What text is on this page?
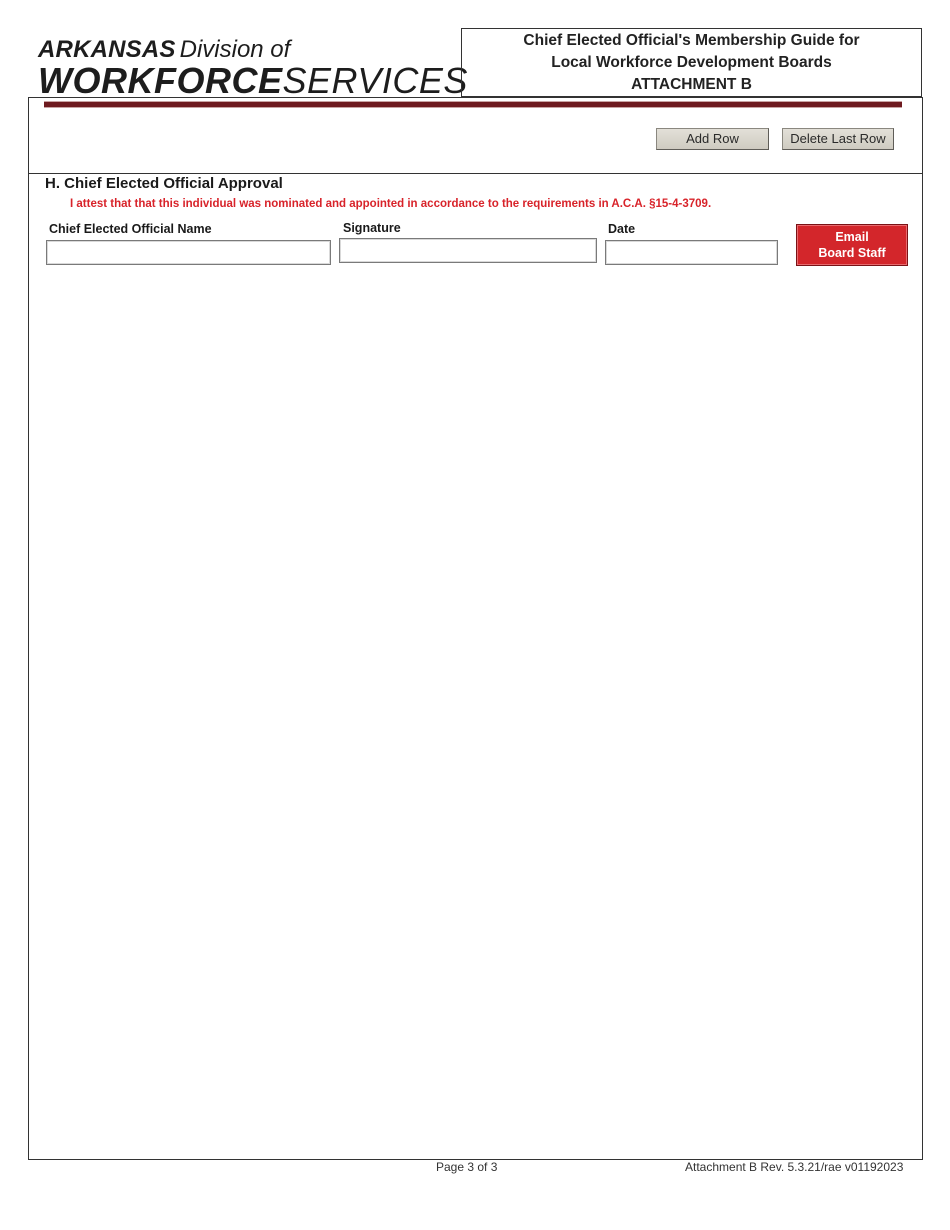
ARKANSAS Division of
WORKFORCESERVICES
Chief Elected Official's Membership Guide for
Local Workforce Development Boards
ATTACHMENT B
Add Row	Delete Last Row
H. Chief Elected Official Approval
I attest that that this individual was nominated and appointed in accordance to the requirements in A.C.A. §15-4-3709.
Chief Elected Official Name	Signature	Date
Email
Board Staff
Page 3 of 3	Attachment B Rev. 5.3.21/rae v01192023
